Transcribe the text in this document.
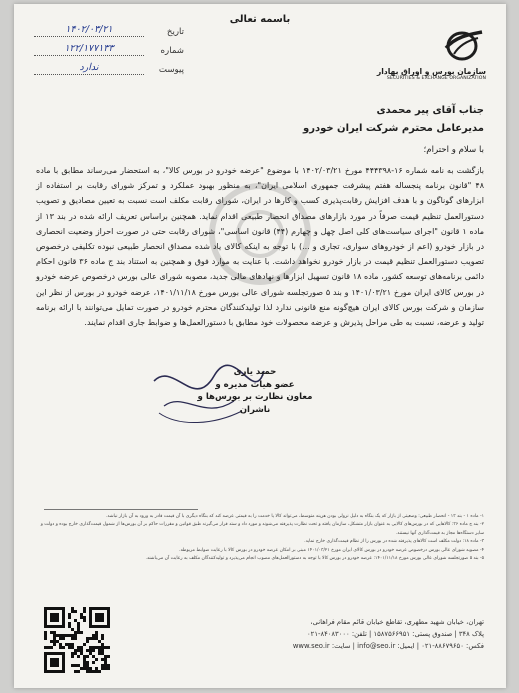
باسمه تعالی
سازمان بورس و اوراق بهادار
SECURITIES & EXCHANGE ORGANIZATION
تاریخ
۱۴۰۲/۰۳/۲۱
شماره
۱۲۲/۱۷۷۱۳۳
پیوست
ندارد
جناب آقای پیر محمدی
مدیرعامل محترم شرکت ایران خودرو
با سلام و احترام؛
بازگشت به نامه شماره ۱۶-۴۴۴۳۹۸ مورخ ۱۴۰۲/۰۳/۲۱ با موضوع "عرضه خودرو در بورس کالا"، به استحضار می‌رساند مطابق با ماده ۴۸ "قانون برنامه پنجساله هفتم پیشرفت جمهوری اسلامی ایران"، به منظور بهبود عملکرد و تمرکز شورای رقابت بر استفاده از ابزارهای گوناگون و با هدف افزایش رقابت‌پذیری کسب و کارها در ایران، شورای رقابت مکلف است نسبت به تعیین مصادیق و تصویب دستورالعمل تنظیم قیمت صرفاً در مورد بازارهای مصداق انحصار طبیعی اقدام نماید. همچنین براساس تعریف ارائه شده در بند ۱۳ از ماده ۱ قانون "اجرای سیاست‌های کلی اصل چهل و چهارم (۴۴) قانون اساسی"، شورای رقابت حتی در صورت احراز وضعیت انحصاری در بازار خودرو (اعم از خودروهای سواری، تجاری و ...) با توجه به اینکه کالای یاد شده مصداق انحصار طبیعی نبوده تکلیفی درخصوص تصویب دستورالعمل تنظیم قیمت در بازار خودرو نخواهد داشت. با عنایت به موارد فوق و همچنین به استناد بند ج ماده ۳۶ قانون احکام دائمی برنامه‌های توسعه کشور، ماده ۱۸ قانون تسهیل ابزارها و نهادهای مالی جدید، مصوبه شورای عالی بورس درخصوص عرضه خودرو در بورس کالای ایران مورخ ۱۴۰۱/۰۳/۲۱ و بند ۵ صورتجلسه شورای عالی بورس مورخ ۱۴۰۱/۱۱/۱۸، عرضه خودرو در بورس از نظر این سازمان و شرکت بورس کالای ایران هیچ‌گونه منع قانونی ندارد لذا تولیدکنندگان محترم خودرو در صورت تمایل می‌توانند با ارائه برنامه تولید و عرضه، نسبت به طی مراحل پذیرش و عرضه محصولات خود مطابق با دستورالعمل‌ها و ضوابط جاری اقدام نمایند.
حمید یاری
عضو هیات مدیره و
معاون نظارت بر بورس‌ها و ناشران
۱- ماده ۱ - بند ۱۳ - انحصار طبیعی: وضعیتی از بازار که یک بنگاه به دلیل نزولی بودن هزینه متوسط، می‌تواند کالا یا خدمت را به قیمتی عرضه کند که بنگاه دیگری با آن قیمت قادر به ورود به آن بازار نباشد.
۲- بند ج ماده ۳۶: کالاهایی که در بورس‌های کالایی به عنوان بازار متشکل، سازمان یافته و تحت نظارت پذیرفته می‌شوند و مورد داد و ستد قرار می‌گیرند طبق قوانین و مقررات حاکم بر آن بورس‌ها از شمول قیمت‌گذاری خارج بوده و دولت و سایر دستگاه‌ها مجاز به قیمت‌گذاری آنها نیستند.
۳- ماده ۱۸: دولت مکلف است کالاهای پذیرفته شده در بورس را از نظام قیمت‌گذاری خارج نماید.
۴- مصوبه شورای عالی بورس درخصوص عرضه خودرو در بورس کالای ایران مورخ ۱۴۰۱/۰۳/۲۱ مبنی بر امکان عرضه خودرو در بورس کالا با رعایت ضوابط مربوطه.
۵- بند ۵ صورتجلسه شورای عالی بورس مورخ ۱۴۰۱/۱۱/۱۸: عرضه خودرو در بورس کالا با توجه به دستورالعمل‌های مصوب انجام می‌پذیرد و تولیدکنندگان مکلف به رعایت آن می‌باشند.
تهران، خیابان شهید مطهری، تقاطع خیابان قائم مقام فراهانی،
پلاک ۳۴۸ | صندوق پستی: ۱۵۸۷۵۶۶۹۵۱ | تلفن: ۸۴۰۸۳۰۰۰-۰۲۱
فکس: ۸۸۶۷۹۶۵۰-۰۲۱ | ایمیل: info@seo.ir | سایت: www.seo.ir
